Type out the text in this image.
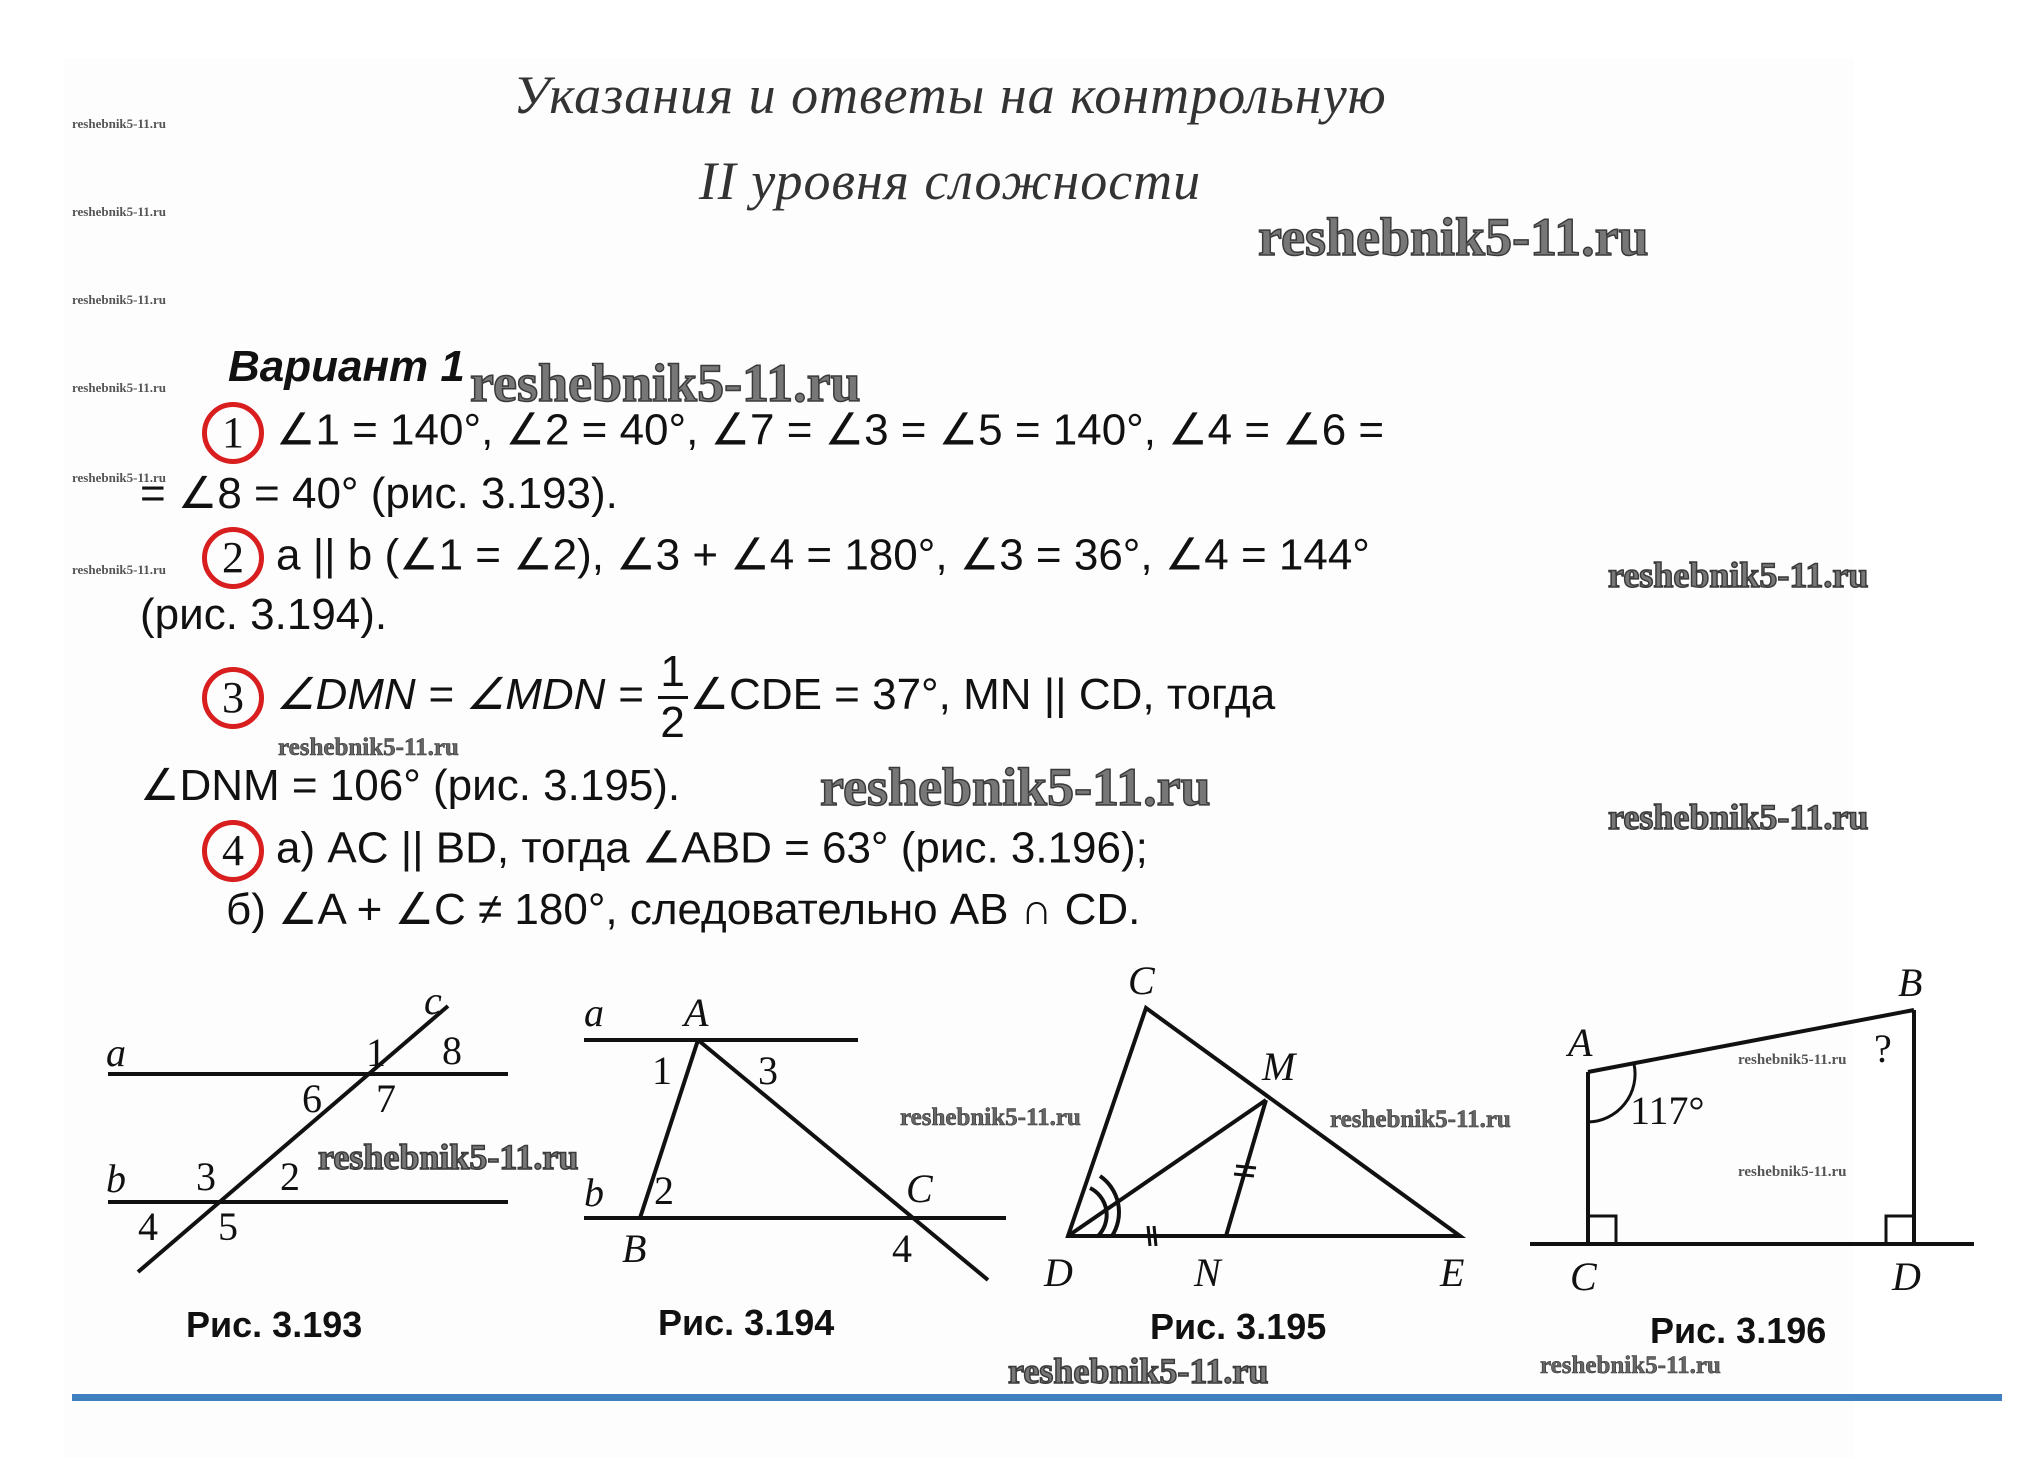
Указания и ответы на контрольную
II уровня сложности
reshebnik5-11.ru
reshebnik5-11.ru
reshebnik5-11.ru
reshebnik5-11.ru
reshebnik5-11.ru
reshebnik5-11.ru
reshebnik5-11.ru
reshebnik5-11.ru
reshebnik5-11.ru
reshebnik5-11.ru
reshebnik5-11.ru
reshebnik5-11.ru
reshebnik5-11.ru
reshebnik5-11.ru
reshebnik5-11.ru	reshebnik5-11.ru
reshebnik5-11.ru
reshebnik5-11.ru
reshebnik5-11.ru
Вариант 1
1 ∠1 = 140°, ∠2 = 40°, ∠7 = ∠3 = ∠5 = 140°, ∠4 = ∠6 =
= ∠8 = 40° (рис. 3.193).
2 a || b (∠1 = ∠2), ∠3 + ∠4 = 180°, ∠3 = 36°, ∠4 = 144°
(рис. 3.194).
3 ∠DMN = ∠MDN = $\frac{1}{2}$ ∠CDE = 37°, MN || CD, тогда
∠DNM = 106° (рис. 3.195).
4 а) AC || BD, тогда ∠ABD = 63° (рис. 3.196);
б) ∠A + ∠C ≠ 180°, следовательно AB ∩ CD.
a
b
c
1 8
6 7
3 2
4 5
a
b
A
B
C
1 3
2
4
C
M
D	N	E
A
B
C	D
117°
?
Рис. 3.193	Рис. 3.194	Рис. 3.195	Рис. 3.196
